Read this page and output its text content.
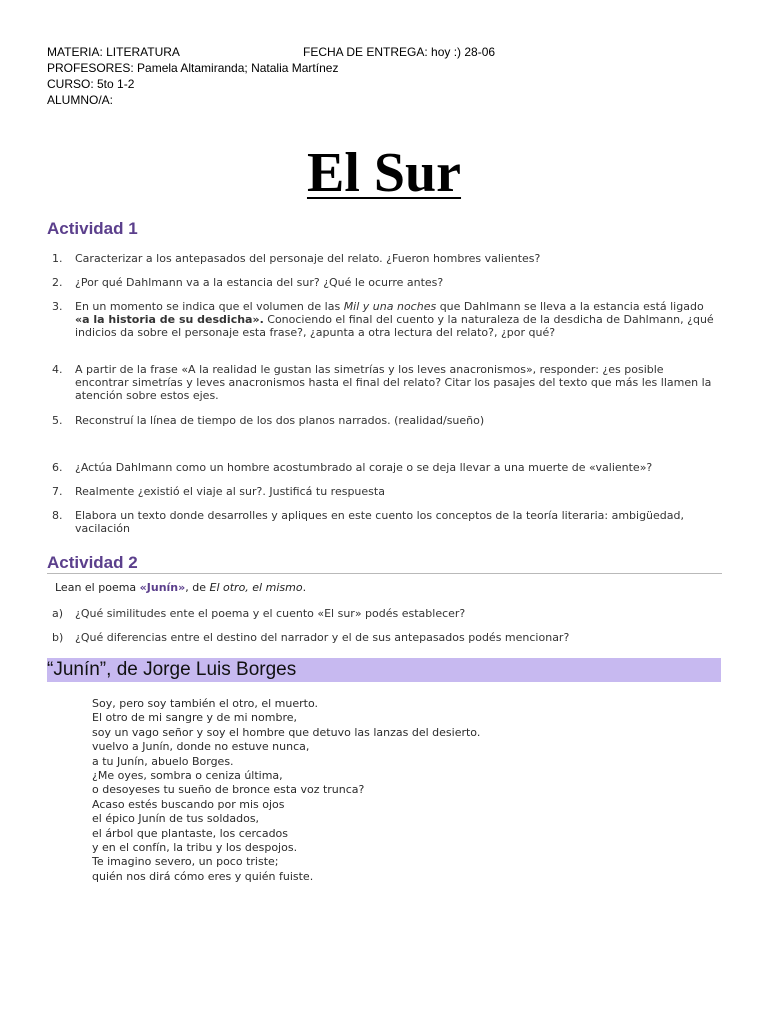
MATERIA: LITERATURA	FECHA DE ENTREGA: hoy :) 28-06
PROFESORES: Pamela Altamiranda; Natalia Martínez
CURSO: 5to 1-2
ALUMNO/A:
El Sur
Actividad 1
1. Caracterizar a los antepasados del personaje del relato. ¿Fueron hombres valientes?
2. ¿Por qué Dahlmann va a la estancia del sur? ¿Qué le ocurre antes?
3. En un momento se indica que el volumen de las Mil y una noches que Dahlmann se lleva a la estancia está ligado «a la historia de su desdicha». Conociendo el final del cuento y la naturaleza de la desdicha de Dahlmann, ¿qué indicios da sobre el personaje esta frase?, ¿apunta a otra lectura del relato?, ¿por qué?
4. A partir de la frase «A la realidad le gustan las simetrías y los leves anacronismos», responder: ¿es posible encontrar simetrías y leves anacronismos hasta el final del relato? Citar los pasajes del texto que más les llamen la atención sobre estos ejes.
5. Reconstruí la línea de tiempo de los dos planos narrados. (realidad/sueño)
6. ¿Actúa Dahlmann como un hombre acostumbrado al coraje o se deja llevar a una muerte de «valiente»?
7. Realmente ¿existió el viaje al sur?. Justificá tu respuesta
8. Elabora un texto donde desarrolles y apliques en este cuento los conceptos de la teoría literaria: ambigüedad, vacilación
Actividad 2
Lean el poema «Junín», de El otro, el mismo.
a) ¿Qué similitudes ente el poema y el cuento «El sur» podés establecer?
b) ¿Qué diferencias entre el destino del narrador y el de sus antepasados podés mencionar?
“Junín”, de Jorge Luis Borges
Soy, pero soy también el otro, el muerto.
El otro de mi sangre y de mi nombre,
soy un vago señor y soy el hombre que detuvo las lanzas del desierto.
vuelvo a Junín, donde no estuve nunca,
a tu Junín, abuelo Borges.
¿Me oyes, sombra o ceniza última,
o desoyeses tu sueño de bronce esta voz trunca?
Acaso estés buscando por mis ojos
el épico Junín de tus soldados,
el árbol que plantaste, los cercados
y en el confín, la tribu y los despojos.
Te imagino severo, un poco triste;
quién nos dirá cómo eres y quién fuiste.
